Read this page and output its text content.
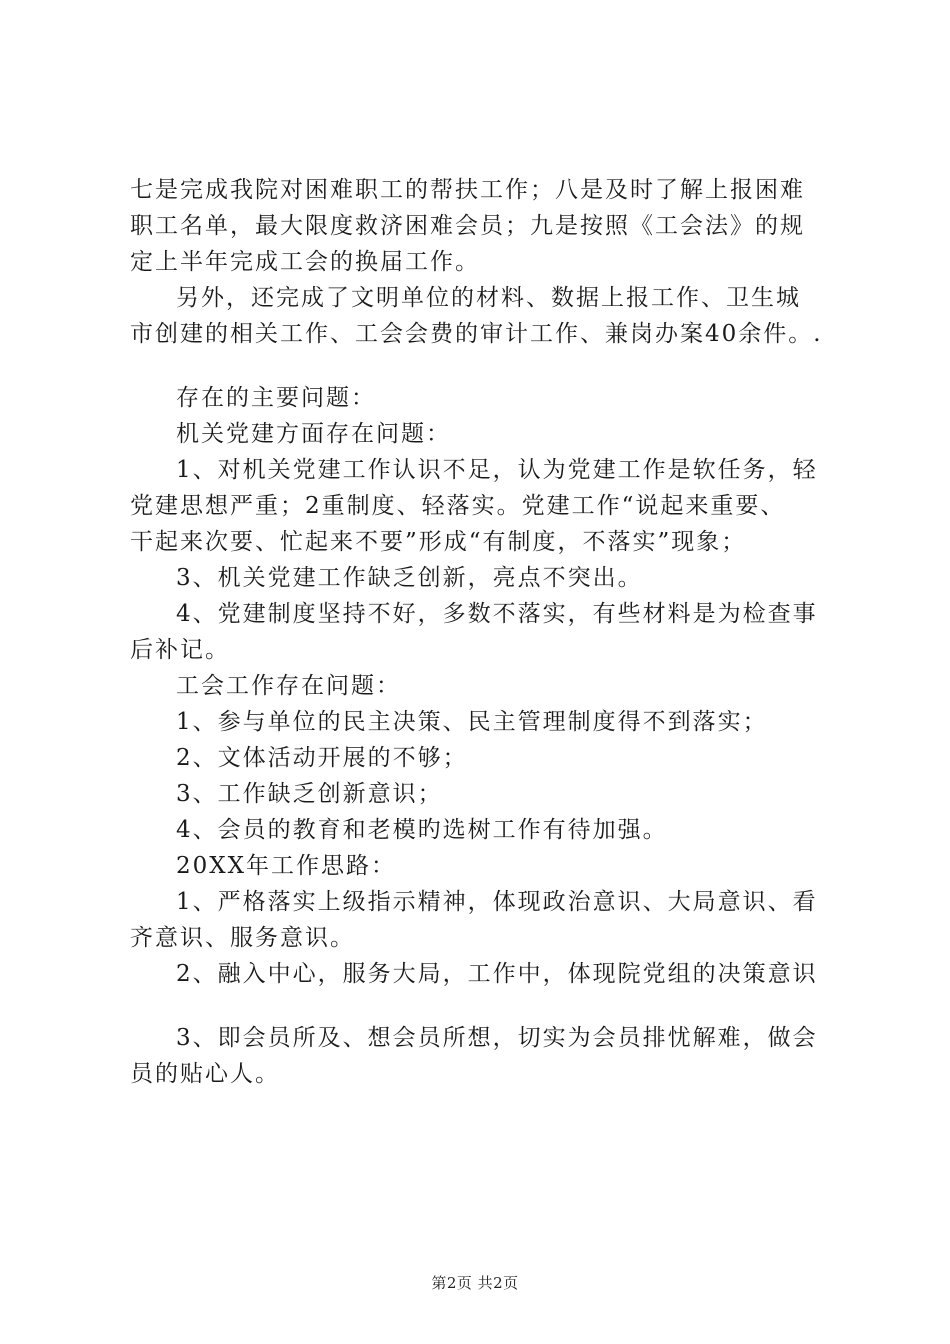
七是完成我院对困难职工的帮扶工作；八是及时了解上报困难
职工名单，最大限度救济困难会员；九是按照《工会法》的规
定上半年完成工会的换届工作。
另外，还完成了文明单位的材料、数据上报工作、卫生城
市创建的相关工作、工会会费的审计工作、兼岗办案40余件。.
存在的主要问题：
机关党建方面存在问题：
1、对机关党建工作认识不足，认为党建工作是软任务，轻
党建思想严重；2重制度、轻落实。党建工作“说起来重要、
干起来次要、忙起来不要”形成“有制度，不落实”现象；
3、机关党建工作缺乏创新，亮点不突出。
4、党建制度坚持不好，多数不落实，有些材料是为检查事
后补记。
工会工作存在问题：
1、参与单位的民主决策、民主管理制度得不到落实；
2、文体活动开展的不够；
3、工作缺乏创新意识；
4、会员的教育和老模旳选树工作有待加强。
20XX年工作思路：
1、严格落实上级指示精神，体现政治意识、大局意识、看
齐意识、服务意识。
2、融入中心，服务大局，工作中，体现院党组的决策意识
3、即会员所及、想会员所想，切实为会员排忧解难，做会
员的贴心人。
第2页 共2页
